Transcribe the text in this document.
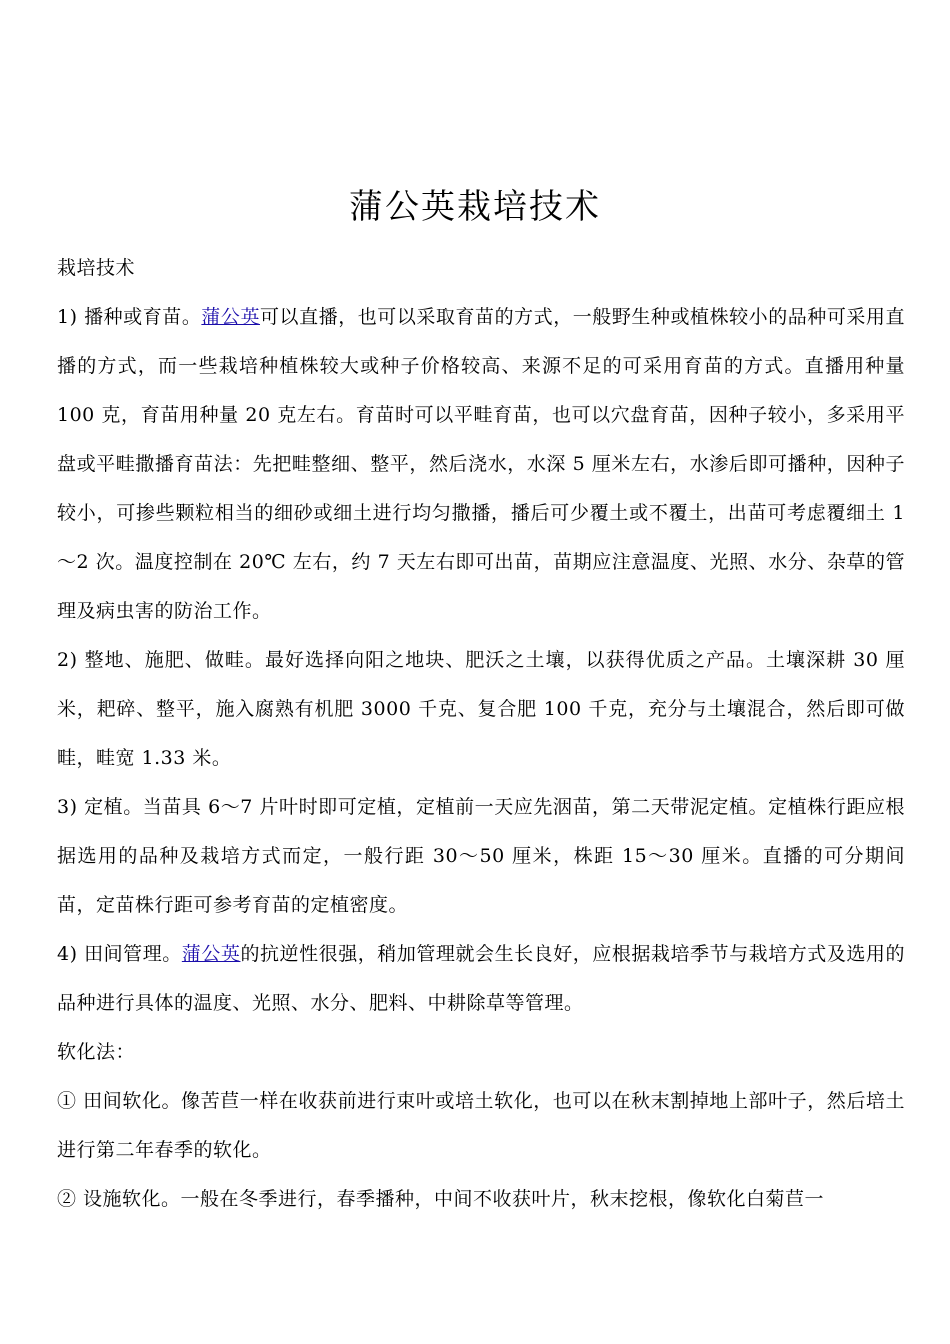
蒲公英栽培技术

栽培技术

1) 播种或育苗。蒲公英可以直播，也可以采取育苗的方式，一般野生种或植株较小的品种可采用直播的方式，而一些栽培种植株较大或种子价格较高、来源不足的可采用育苗的方式。直播用种量 100 克，育苗用种量 20 克左右。育苗时可以平畦育苗，也可以穴盘育苗，因种子较小，多采用平盘或平畦撒播育苗法：先把畦整细、整平，然后浇水，水深 5 厘米左右，水渗后即可播种，因种子较小，可掺些颗粒相当的细砂或细土进行均匀撒播，播后可少覆土或不覆土，出苗可考虑覆细土 1～2 次。温度控制在 20℃ 左右，约 7 天左右即可出苗，苗期应注意温度、光照、水分、杂草的管理及病虫害的防治工作。

2) 整地、施肥、做畦。最好选择向阳之地块、肥沃之土壤，以获得优质之产品。土壤深耕 30 厘米，耙碎、整平，施入腐熟有机肥 3000 千克、复合肥 100 千克，充分与土壤混合，然后即可做畦，畦宽 1.33 米。

3) 定植。当苗具 6～7 片叶时即可定植，定植前一天应先洇苗，第二天带泥定植。定植株行距应根据选用的品种及栽培方式而定，一般行距 30～50 厘米，株距 15～30 厘米。直播的可分期间苗，定苗株行距可参考育苗的定植密度。

4) 田间管理。蒲公英的抗逆性很强，稍加管理就会生长良好，应根据栽培季节与栽培方式及选用的品种进行具体的温度、光照、水分、肥料、中耕除草等管理。

软化法：

① 田间软化。像苦苣一样在收获前进行束叶或培土软化，也可以在秋末割掉地上部叶子，然后培土进行第二年春季的软化。

② 设施软化。一般在冬季进行，春季播种，中间不收获叶片，秋末挖根，像软化白菊苣一
